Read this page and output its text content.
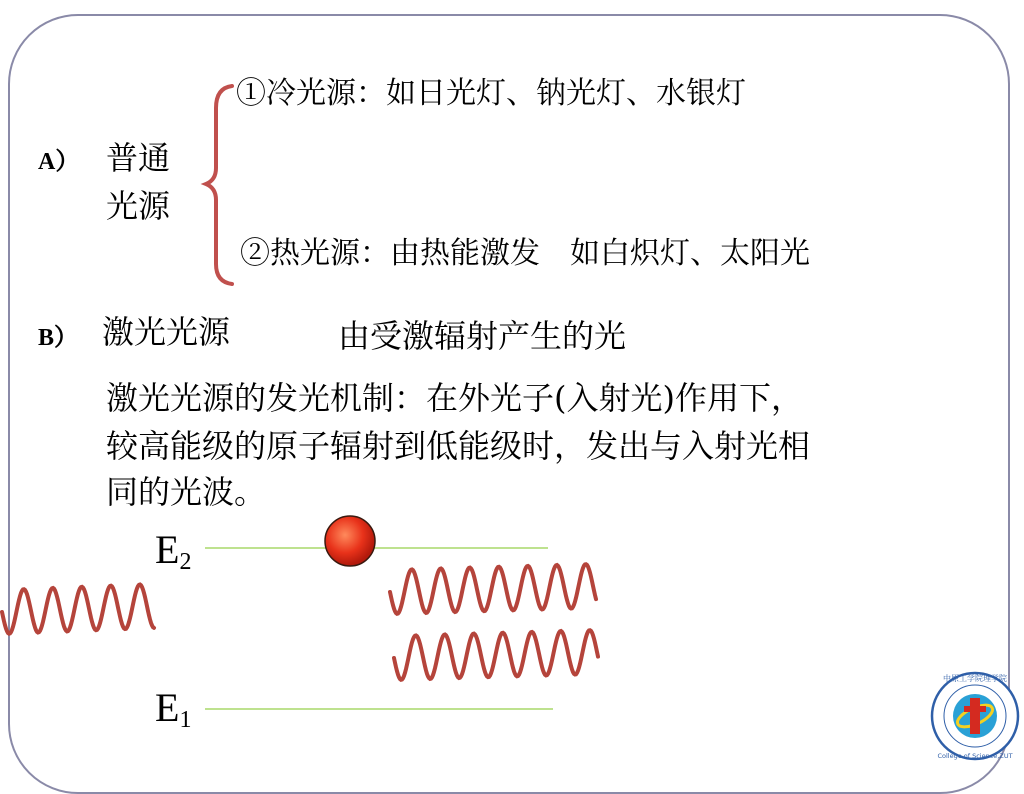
A） 普通
光源
①冷光源：如日光灯、钠光灯、水银灯
②热光源：由热能激发　如白炽灯、太阳光
B） 激光光源	由受激辐射产生的光
激光光源的发光机制：在外光子(入射光)作用下，
较高能级的原子辐射到低能级时，发出与入射光相
同的光波。
$E_2$
$E_1$
中原工学院理学院
College of Science,ZUT
